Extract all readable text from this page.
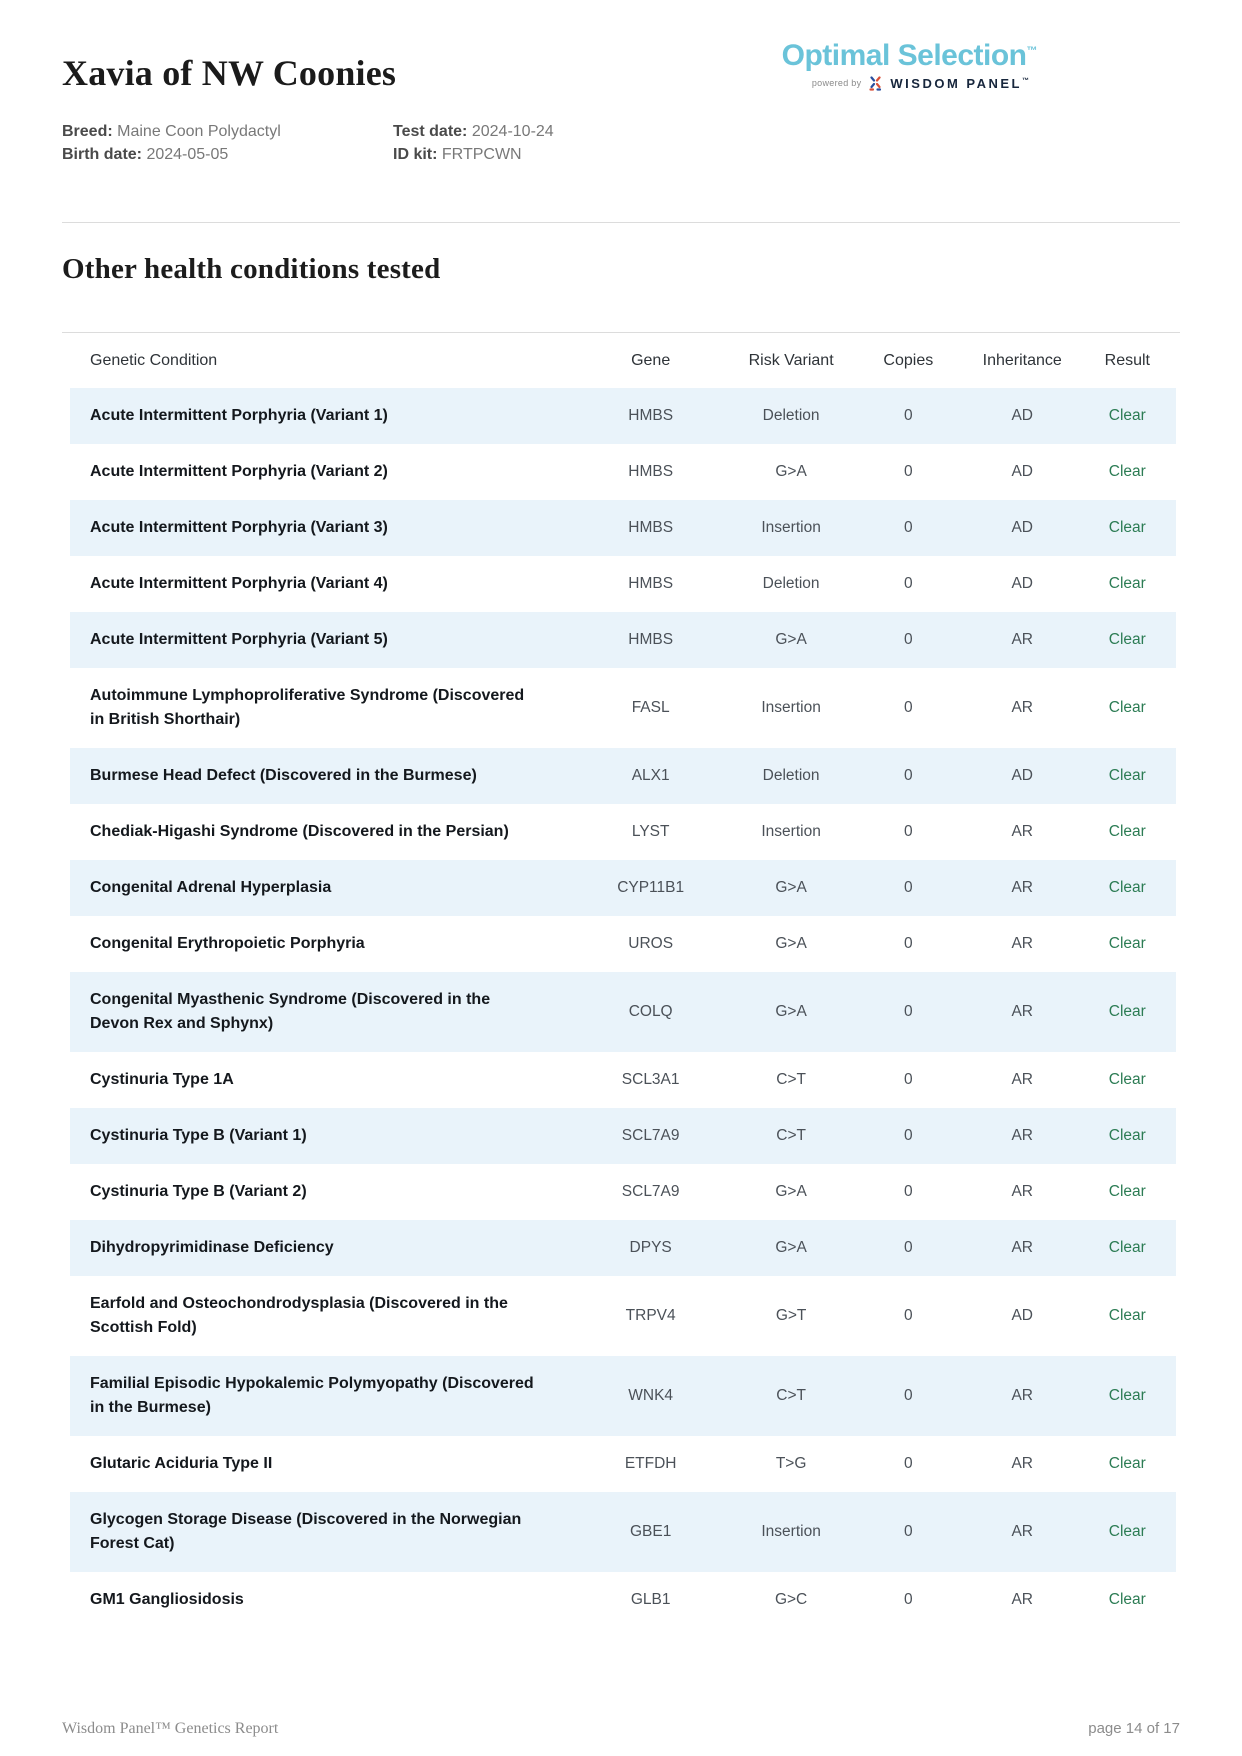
Xavia of NW Coonies	Optimal Selection™
powered by WISDOM PANEL™
Breed: Maine Coon Polydactyl
Birth date: 2024-05-05
Test date: 2024-10-24
ID kit: FRTPCWN
Other health conditions tested
Genetic Condition	Gene	Risk Variant	Copies	Inheritance	Result
Acute Intermittent Porphyria (Variant 1)	HMBS	Deletion	0	AD	Clear
Acute Intermittent Porphyria (Variant 2)	HMBS	G>A	0	AD	Clear
Acute Intermittent Porphyria (Variant 3)	HMBS	Insertion	0	AD	Clear
Acute Intermittent Porphyria (Variant 4)	HMBS	Deletion	0	AD	Clear
Acute Intermittent Porphyria (Variant 5)	HMBS	G>A	0	AR	Clear
Autoimmune Lymphoproliferative Syndrome (Discovered in British Shorthair)	FASL	Insertion	0	AR	Clear
Burmese Head Defect (Discovered in the Burmese)	ALX1	Deletion	0	AD	Clear
Chediak-Higashi Syndrome (Discovered in the Persian)	LYST	Insertion	0	AR	Clear
Congenital Adrenal Hyperplasia	CYP11B1	G>A	0	AR	Clear
Congenital Erythropoietic Porphyria	UROS	G>A	0	AR	Clear
Congenital Myasthenic Syndrome (Discovered in the Devon Rex and Sphynx)	COLQ	G>A	0	AR	Clear
Cystinuria Type 1A	SCL3A1	C>T	0	AR	Clear
Cystinuria Type B (Variant 1)	SCL7A9	C>T	0	AR	Clear
Cystinuria Type B (Variant 2)	SCL7A9	G>A	0	AR	Clear
Dihydropyrimidinase Deficiency	DPYS	G>A	0	AR	Clear
Earfold and Osteochondrodysplasia (Discovered in the Scottish Fold)	TRPV4	G>T	0	AD	Clear
Familial Episodic Hypokalemic Polymyopathy (Discovered in the Burmese)	WNK4	C>T	0	AR	Clear
Glutaric Aciduria Type II	ETFDH	T>G	0	AR	Clear
Glycogen Storage Disease (Discovered in the Norwegian Forest Cat)	GBE1	Insertion	0	AR	Clear
GM1 Gangliosidosis	GLB1	G>C	0	AR	Clear
Wisdom Panel™ Genetics Report	page 14 of 17
